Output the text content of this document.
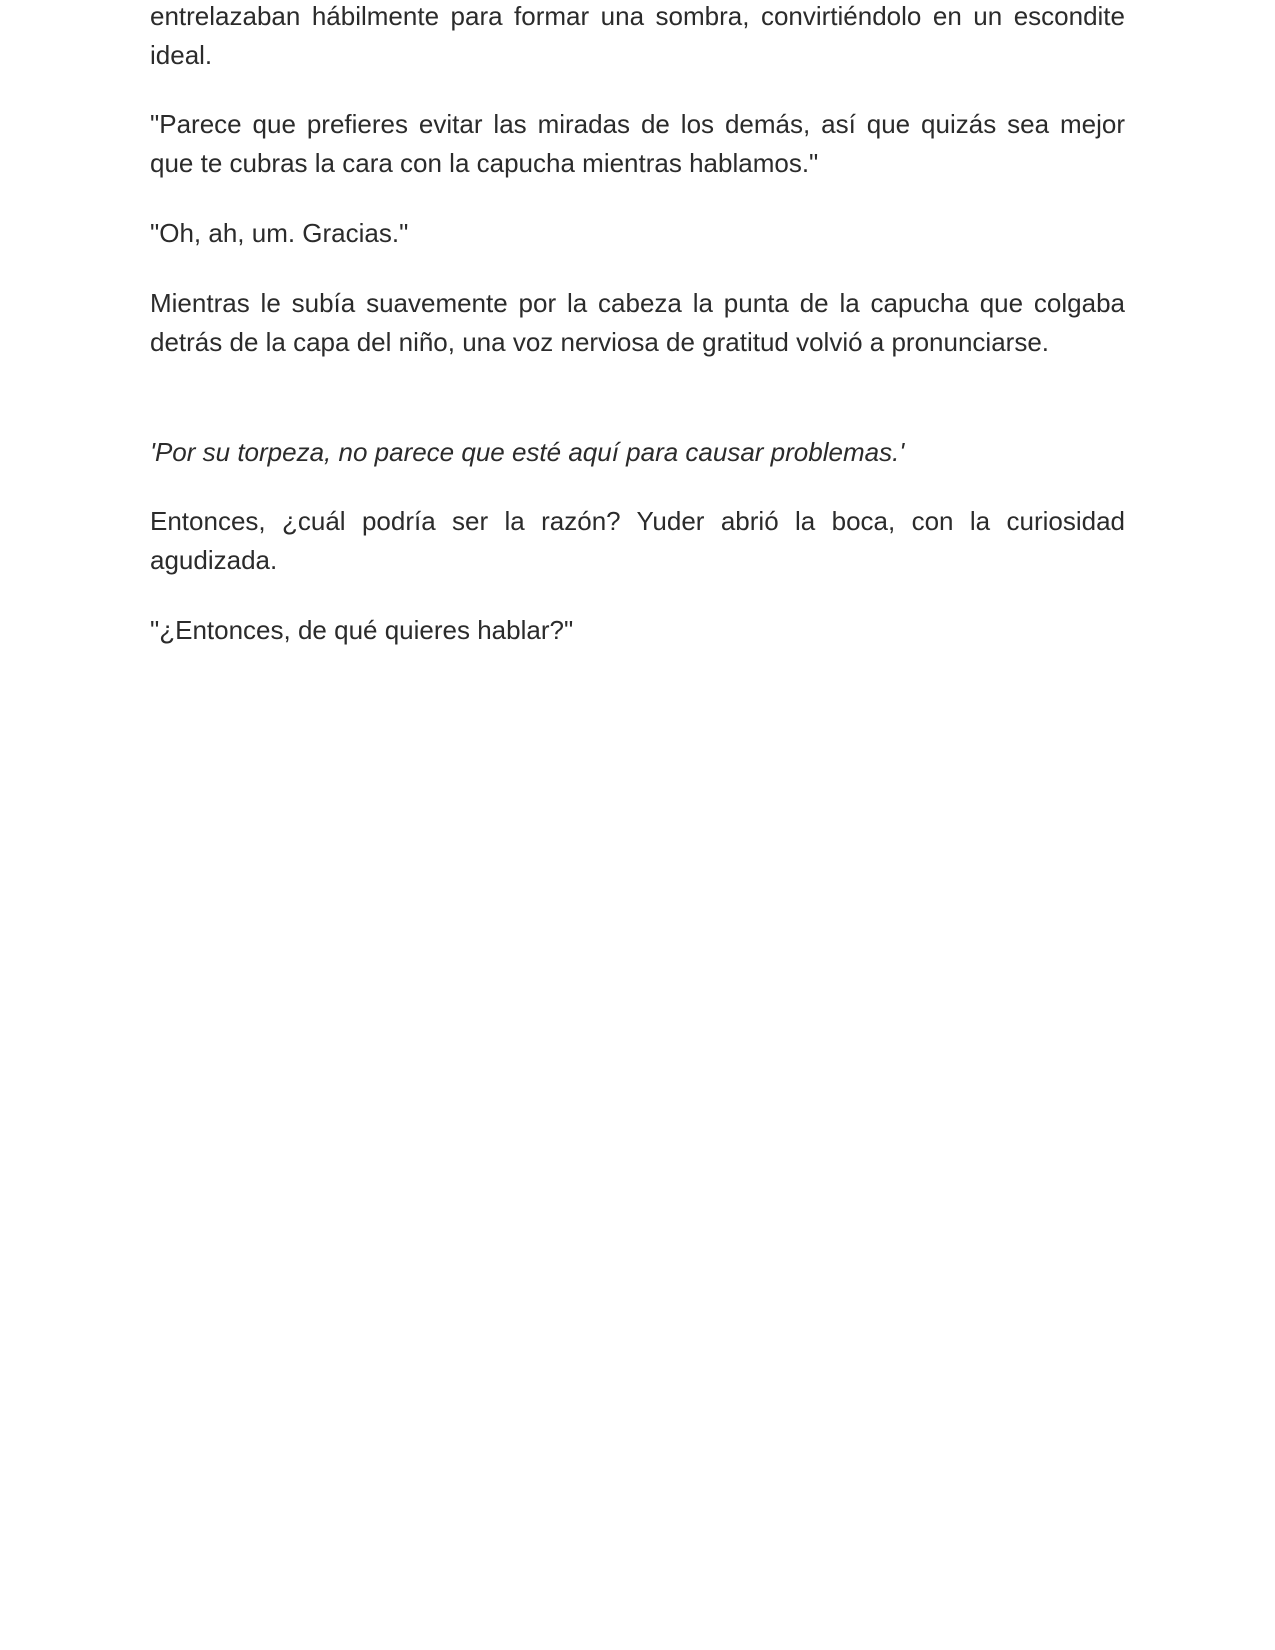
entrelazaban hábilmente para formar una sombra, convirtiéndolo en un escondite ideal.

"Parece que prefieres evitar las miradas de los demás, así que quizás sea mejor que te cubras la cara con la capucha mientras hablamos."

"Oh, ah, um. Gracias."

Mientras le subía suavemente por la cabeza la punta de la capucha que colgaba detrás de la capa del niño, una voz nerviosa de gratitud volvió a pronunciarse.

'Por su torpeza, no parece que esté aquí para causar problemas.'

Entonces, ¿cuál podría ser la razón? Yuder abrió la boca, con la curiosidad agudizada.

"¿Entonces, de qué quieres hablar?"
